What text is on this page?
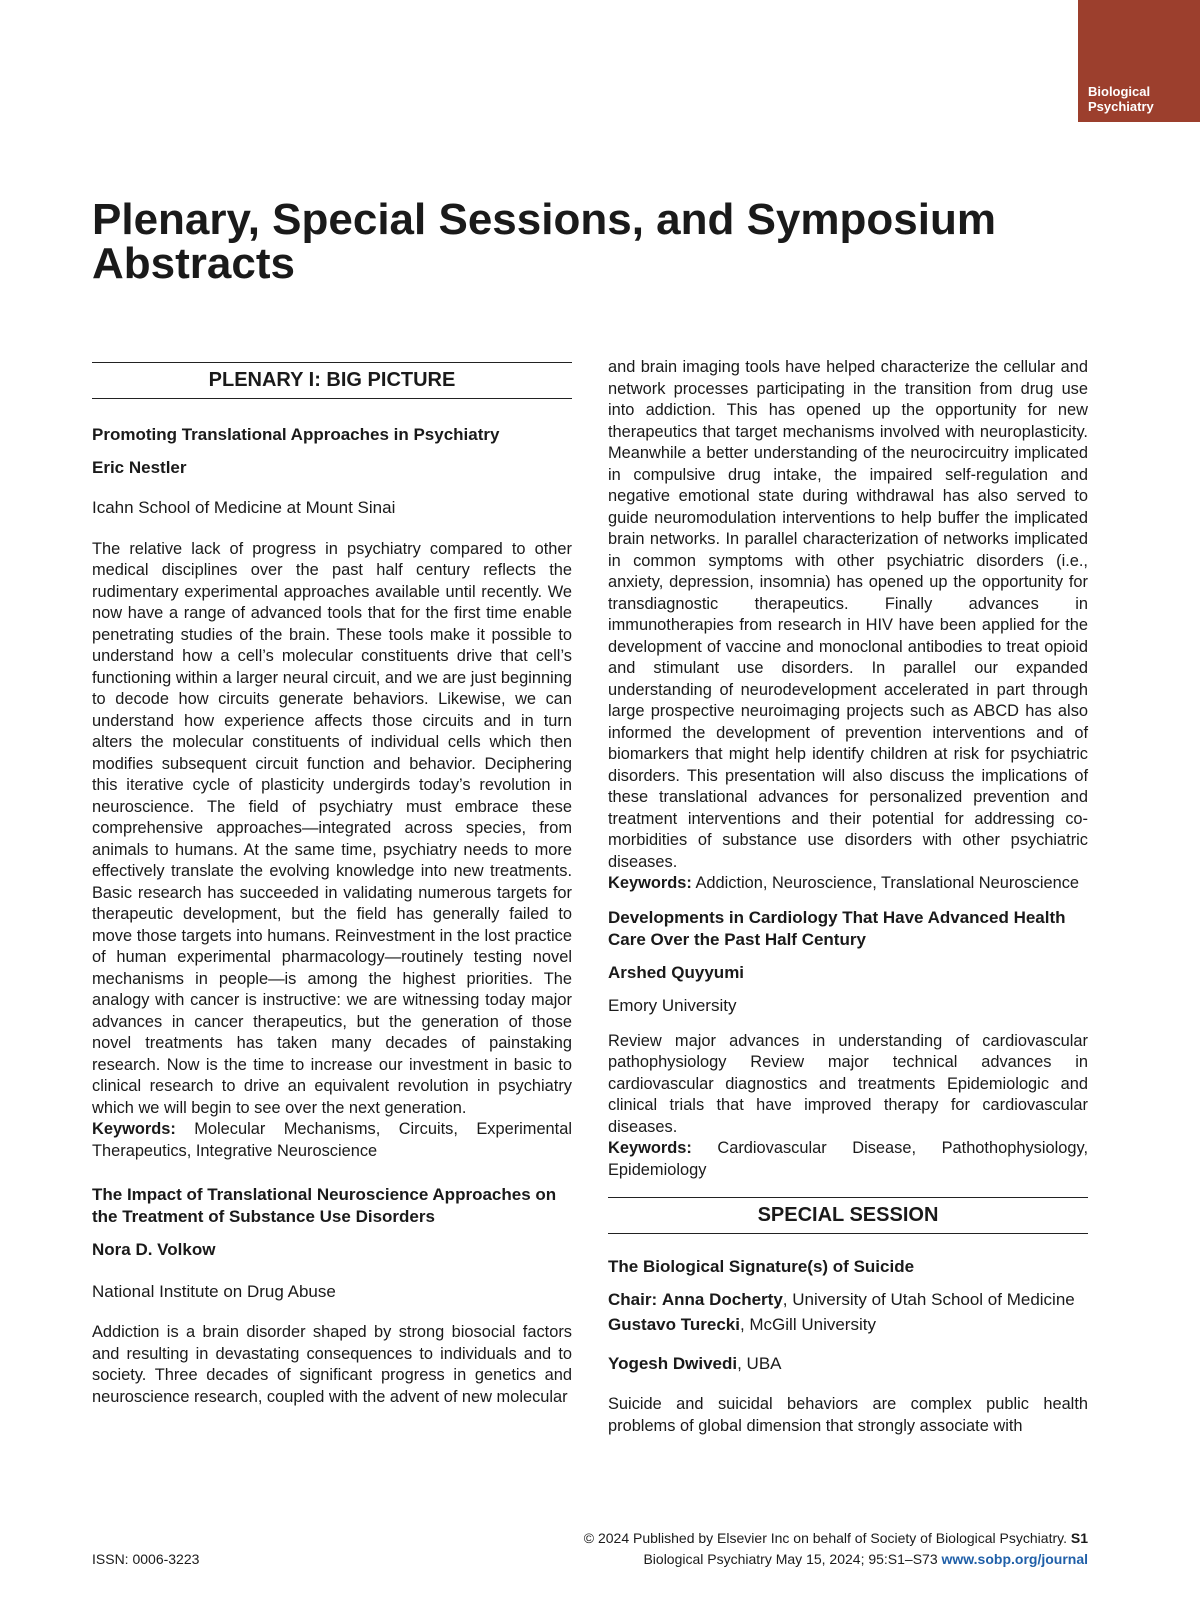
Biological
Psychiatry
Plenary, Special Sessions, and Symposium
Abstracts
PLENARY I: BIG PICTURE

Promoting Translational Approaches in Psychiatry

Eric Nestler

Icahn School of Medicine at Mount Sinai

The relative lack of progress in psychiatry compared to other medical disciplines over the past half century reflects the rudimentary experimental approaches available until recently. We now have a range of advanced tools that for the first time enable penetrating studies of the brain. These tools make it possible to understand how a cell’s molecular constituents drive that cell’s functioning within a larger neural circuit, and we are just beginning to decode how circuits generate behaviors. Likewise, we can understand how experience affects those circuits and in turn alters the molecular constituents of individual cells which then modifies subsequent circuit function and behavior. Deciphering this iterative cycle of plasticity undergirds today’s revolution in neuroscience. The field of psychiatry must embrace these comprehensive approaches—integrated across species, from animals to humans. At the same time, psychiatry needs to more effectively translate the evolving knowledge into new treatments. Basic research has succeeded in validating numerous targets for therapeutic development, but the field has generally failed to move those targets into humans. Reinvestment in the lost practice of human experimental pharmacology—routinely testing novel mechanisms in people—is among the highest priorities. The analogy with cancer is instructive: we are witnessing today major advances in cancer therapeutics, but the generation of those novel treatments has taken many decades of painstaking research. Now is the time to increase our investment in basic to clinical research to drive an equivalent revolution in psychiatry which we will begin to see over the next generation.

Keywords: Molecular Mechanisms, Circuits, Experimental Therapeutics, Integrative Neuroscience

The Impact of Translational Neuroscience Approaches on the Treatment of Substance Use Disorders

Nora D. Volkow

National Institute on Drug Abuse

Addiction is a brain disorder shaped by strong biosocial factors and resulting in devastating consequences to individuals and to society. Three decades of significant progress in genetics and neuroscience research, coupled with the advent of new molecular

and brain imaging tools have helped characterize the cellular and network processes participating in the transition from drug use into addiction. This has opened up the opportunity for new therapeutics that target mechanisms involved with neuroplasticity. Meanwhile a better understanding of the neurocircuitry implicated in compulsive drug intake, the impaired self-regulation and negative emotional state during withdrawal has also served to guide neuromodulation interventions to help buffer the implicated brain networks. In parallel characterization of networks implicated in common symptoms with other psychiatric disorders (i.e., anxiety, depression, insomnia) has opened up the opportunity for transdiagnostic therapeutics. Finally advances in immunotherapies from research in HIV have been applied for the development of vaccine and monoclonal antibodies to treat opioid and stimulant use disorders. In parallel our expanded understanding of neurodevelopment accelerated in part through large prospective neuroimaging projects such as ABCD has also informed the development of prevention interventions and of biomarkers that might help identify children at risk for psychiatric disorders. This presentation will also discuss the implications of these translational advances for personalized prevention and treatment interventions and their potential for addressing co-morbidities of substance use disorders with other psychiatric diseases.

Keywords: Addiction, Neuroscience, Translational Neuroscience

Developments in Cardiology That Have Advanced Health Care Over the Past Half Century

Arshed Quyyumi

Emory University

Review major advances in understanding of cardiovascular pathophysiology Review major technical advances in cardiovascular diagnostics and treatments Epidemiologic and clinical trials that have improved therapy for cardiovascular diseases.

Keywords: Cardiovascular Disease, Pathothophysiology, Epidemiology

SPECIAL SESSION

The Biological Signature(s) of Suicide

Chair: Anna Docherty, University of Utah School of Medicine

Gustavo Turecki, McGill University

Yogesh Dwivedi, UBA

Suicide and suicidal behaviors are complex public health problems of global dimension that strongly associate with

© 2024 Published by Elsevier Inc on behalf of Society of Biological Psychiatry. S1
ISSN: 0006-3223	Biological Psychiatry May 15, 2024; 95:S1–S73 www.sobp.org/journal
